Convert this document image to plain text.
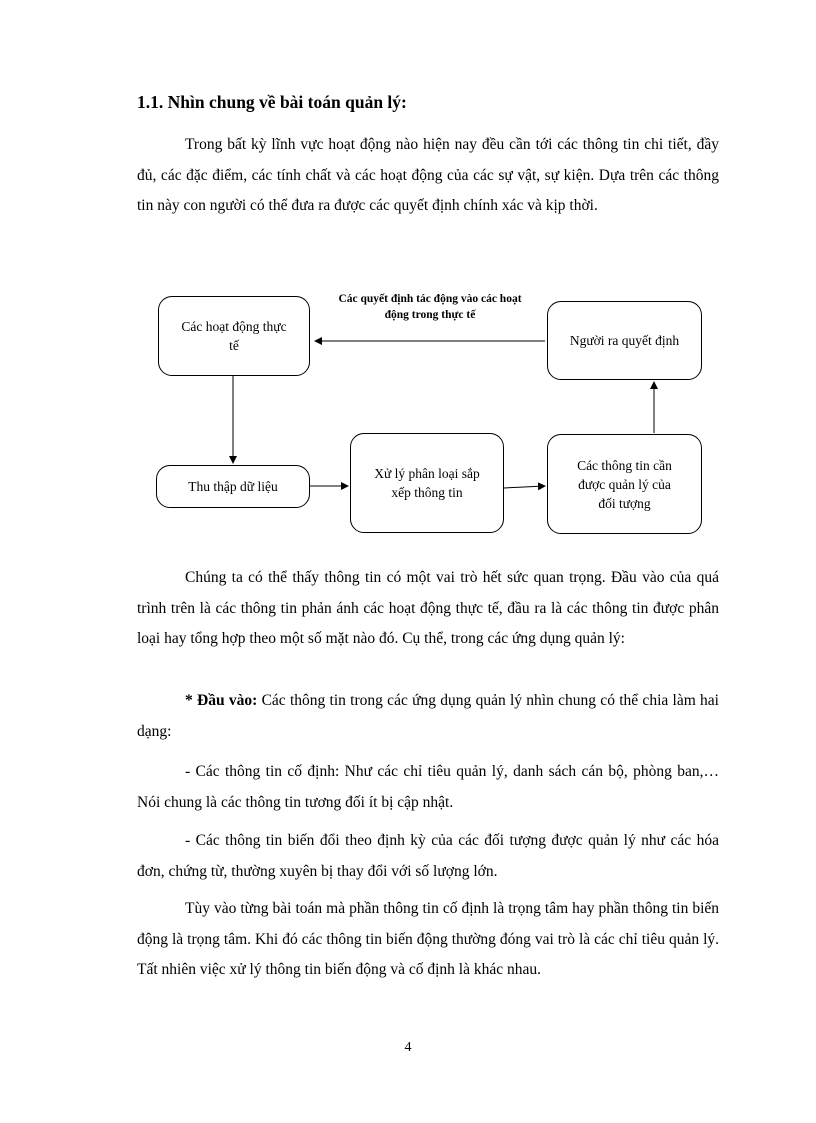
1.1. Nhìn chung về bài toán quản lý:

Trong bất kỳ lĩnh vực hoạt động nào hiện nay đều cần tới các thông tin chi tiết, đầy đủ, các đặc điểm, các tính chất và các hoạt động của các sự vật, sự kiện. Dựa trên các thông tin này con người có thể đưa ra được các quyết định chính xác và kịp thời.

Các hoạt động thực tế	Người ra quyết định
Thu thập dữ liệu
Xử lý phân loại sắp xếp thông tin
Các thông tin cần được quản lý của đối tượng
Các quyết định tác động vào các hoạt động trong thực tế

Chúng ta có thể thấy thông tin có một vai trò hết sức quan trọng. Đầu vào của quá trình trên là các thông tin phản ánh các hoạt động thực tế, đầu ra là các thông tin được phân loại hay tổng hợp theo một số mặt nào đó. Cụ thể, trong các ứng dụng quản lý:

* Đầu vào: Các thông tin trong các ứng dụng quản lý nhìn chung có thể chia làm hai dạng:

- Các thông tin cố định: Như các chỉ tiêu quản lý, danh sách cán bộ, phòng ban,… Nói chung là các thông tin tương đối ít bị cập nhật.

- Các thông tin biến đổi theo định kỳ của các đối tượng được quản lý như các hóa đơn, chứng từ, thường xuyên bị thay đổi với số lượng lớn.

Tùy vào từng bài toán mà phần thông tin cố định là trọng tâm hay phần thông tin biến động là trọng tâm. Khi đó các thông tin biến động thường đóng vai trò là các chỉ tiêu quản lý. Tất nhiên việc xử lý thông tin biến động và cố định là khác nhau.

4
